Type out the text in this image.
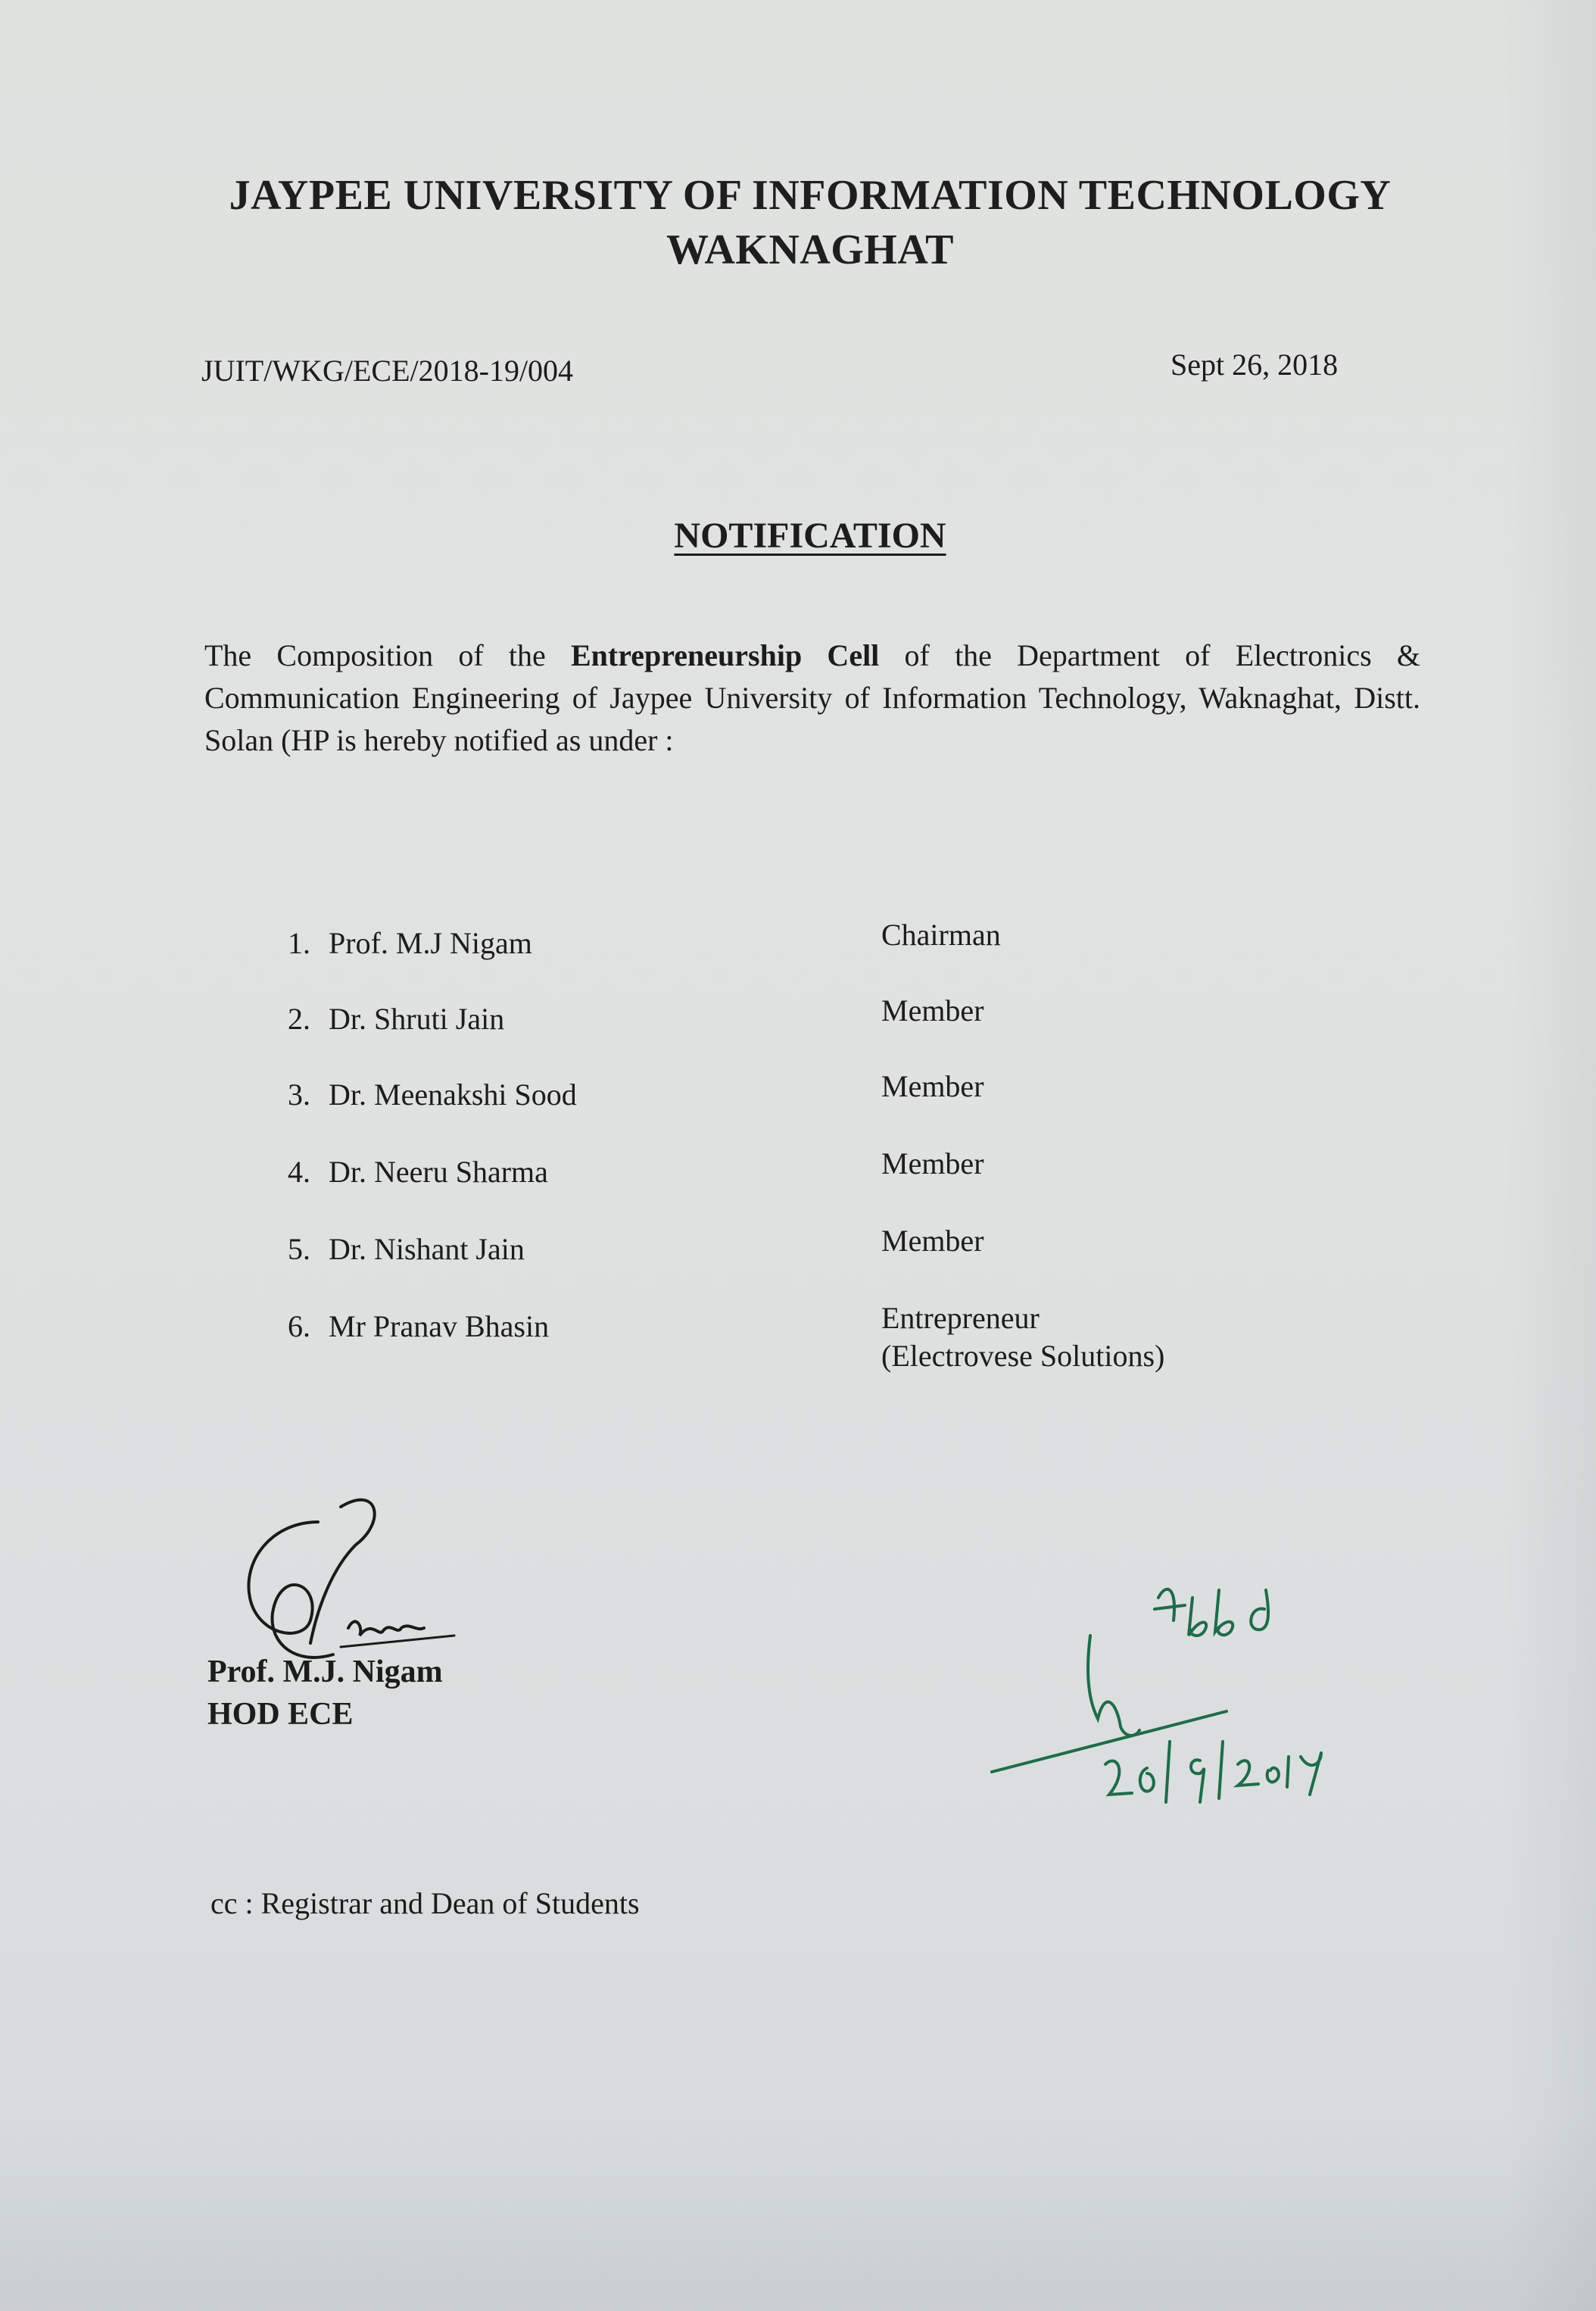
JAYPEE UNIVERSITY OF INFORMATION TECHNOLOGY
WAKNAGHAT
JUIT/WKG/ECE/2018-19/004	Sept 26, 2018
NOTIFICATION
The Composition of the Entrepreneurship Cell of the Department of Electronics & Communication Engineering of Jaypee University of Information Technology, Waknaghat, Distt. Solan (HP is hereby notified as under :
1. Prof. M.J Nigam	Chairman
2. Dr. Shruti Jain	Member
3. Dr. Meenakshi Sood	Member
4. Dr. Neeru Sharma	Member
5. Dr. Nishant Jain	Member
6. Mr Pranav Bhasin	Entrepreneur
(Electrovese Solutions)
Prof. M.J. Nigam
HOD ECE
cc : Registrar and Dean of Students
